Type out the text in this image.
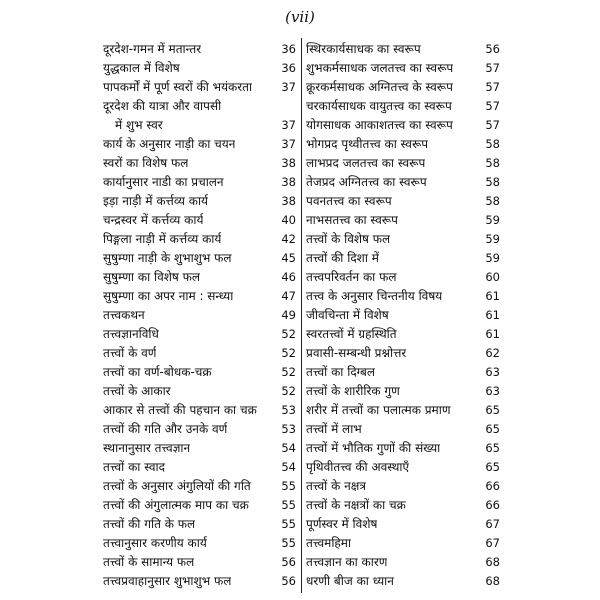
(vii)
दूरदेश-गमन में मतान्तर	36
युद्धकाल में विशेष	36
पापकर्मों में पूर्ण स्वरों की भयंकरता	37
दूरदेश की यात्रा और वापसी
में शुभ स्वर	37
कार्य के अनुसार नाड़ी का चयन	37
स्वरों का विशेष फल	38
कार्यानुसार नाडी का प्रचालन	38
इड़ा नाड़ी में कर्त्तव्य कार्य	38
चन्द्रस्वर में कर्त्तव्य कार्य	40
पिङ्गला नाड़ी में कर्त्तव्य कार्य	42
सुषुम्णा नाड़ी के शुभाशुभ फल	45
सुषुम्णा का विशेष फल	46
सुषुम्णा का अपर नाम : सन्ध्या	47
तत्त्वकथन	49
तत्त्वज्ञानविधि	52
तत्त्वों के वर्ण	52
तत्त्वों का वर्ण-बोधक-चक्र	52
तत्त्वों के आकार	52
आकार से तत्त्वों की पहचान का चक्र 53
तत्त्वों की गति और उनके वर्ण	53
स्थानानुसार तत्त्वज्ञान	54
तत्त्वों का स्वाद	54
तत्त्वों के अनुसार अंगुलियों की गति	55
तत्त्वों की अंगुलात्मक माप का चक्र	55
तत्त्वों की गति के फल	55
तत्त्वानुसार करणीय कार्य	55
तत्त्वों के सामान्य फल	56
तत्त्वप्रवाहानुसार शुभाशुभ फल	56
स्थिरकार्यसाधक का स्वरूप	56
शुभकर्मसाधक जलतत्त्व का स्वरूप	57
क्रूरकर्मसाधक अग्नितत्त्व के स्वरूप	57
चरकार्यसाधक वायुतत्त्व का स्वरूप	57
योगसाधक आकाशतत्त्व का स्वरूप	57
भोगप्रद पृथ्वीतत्त्व का स्वरूप	58
लाभप्रद जलतत्त्व का स्वरूप	58
तेजप्रद अग्नितत्त्व का स्वरूप	58
पवनतत्त्व का स्वरूप	58
नाभसतत्त्व का स्वरूप	59
तत्त्वों के विशेष फल	59
तत्त्वों की दिशा में	59
तत्त्वपरिवर्तन का फल	60
तत्त्व के अनुसार चिन्तनीय विषय	61
जीवचिन्ता में विशेष	61
स्वरतत्त्वों में ग्रहस्थिति	61
प्रवासी-सम्बन्धी प्रश्नोत्तर	62
तत्त्वों का दिग्बल	63
तत्त्वों के शारीरिक गुण	63
शरीर में तत्त्वों का पलात्मक प्रमाण	65
तत्त्वों में लाभ	65
तत्त्वों में भौतिक गुणों की संख्या	65
पृथिवीतत्त्व की अवस्थाएँ	65
तत्त्वों के नक्षत्र	66
तत्त्वों के नक्षत्रों का चक्र	66
पूर्णस्वर में विशेष	67
तत्त्वमहिमा	67
तत्त्वज्ञान का कारण	68
धरणी बीज का ध्यान	68
